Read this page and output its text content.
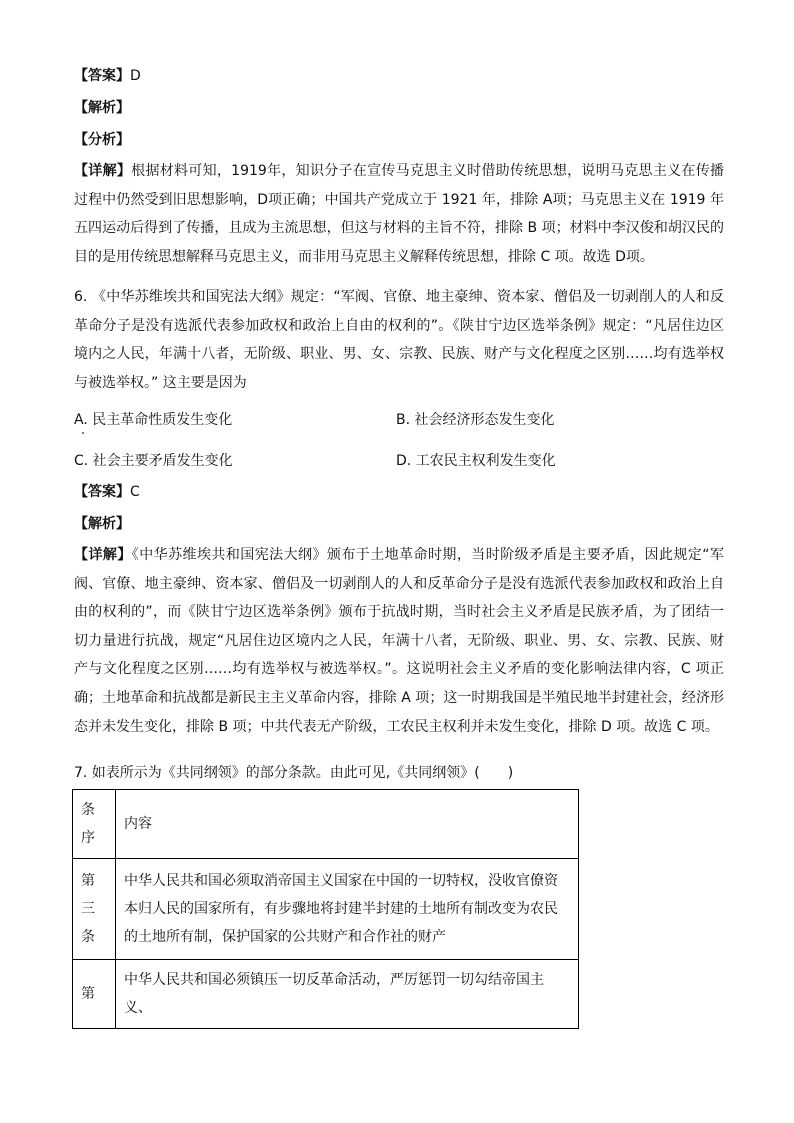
【答案】D
【解析】
【分析】
【详解】根据材料可知，1919年，知识分子在宣传马克思主义时借助传统思想，说明马克思主义在传播过程中仍然受到旧思想影响，D项正确；中国共产党成立于 1921 年，排除 A项；马克思主义在 1919 年五四运动后得到了传播，且成为主流思想，但这与材料的主旨不符，排除 B 项；材料中李汉俊和胡汉民的目的是用传统思想解释马克思主义，而非用马克思主义解释传统思想，排除 C 项。故选 D项。
6. 《中华苏维埃共和国宪法大纲》规定：“军阀、官僚、地主豪绅、资本家、僧侣及一切剥削人的人和反革命分子是没有选派代表参加政权和政治上自由的权利的”。《陕甘宁边区选举条例》规定：“凡居住边区境内之人民，年满十八者，无阶级、职业、男、女、宗教、民族、财产与文化程度之区别……均有选举权与被选举权。” 这主要是因为
A. 民主革命性质发生变化	B. 社会经济形态发生变化
C. 社会主要矛盾发生变化	D. 工农民主权利发生变化
【答案】C
【解析】
【详解】《中华苏维埃共和国宪法大纲》颁布于土地革命时期，当时阶级矛盾是主要矛盾，因此规定“军阀、官僚、地主豪绅、资本家、僧侣及一切剥削人的人和反革命分子是没有选派代表参加政权和政治上自由的权利的”，而《陕甘宁边区选举条例》颁布于抗战时期，当时社会主义矛盾是民族矛盾，为了团结一切力量进行抗战，规定“凡居住边区境内之人民，年满十八者，无阶级、职业、男、女、宗教、民族、财产与文化程度之区别……均有选举权与被选举权。”。这说明社会主义矛盾的变化影响法律内容，C 项正确；土地革命和抗战都是新民主主义革命内容，排除 A 项；这一时期我国是半殖民地半封建社会，经济形态并未发生变化，排除 B 项；中共代表无产阶级，工农民主权利并未发生变化，排除 D 项。故选 C 项。
7. 如表所示为《共同纲领》的部分条款。由此可见,《共同纲领》(　　)
条序	内容
第三条	中华人民共和国必须取消帝国主义国家在中国的一切特权，没收官僚资本归人民的国家所有，有步骤地将封建半封建的土地所有制改变为农民的土地所有制，保护国家的公共财产和合作社的财产
第	中华人民共和国必须镇压一切反革命活动，严厉惩罚一切勾结帝国主义、
